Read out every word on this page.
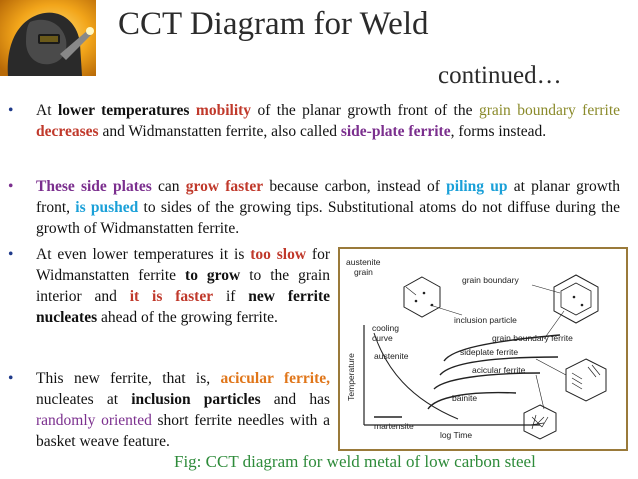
CCT Diagram for Weld
continued…
• At lower temperatures mobility of the planar growth front of the grain boundary ferrite decreases and Widmanstatten ferrite, also called side-plate ferrite, forms instead.
• These side plates can grow faster because carbon, instead of piling up at planar growth front, is pushed to sides of the growing tips. Substitutional atoms do not diffuse during the growth of Widmanstatten ferrite.
• At even lower temperatures it is too slow for Widmanstatten ferrite to grow to the grain interior and it is faster if new ferrite nucleates ahead of the growing ferrite.
• This new ferrite, that is, acicular ferrite, nucleates at inclusion particles and has randomly oriented short ferrite needles with a basket weave feature.
Temperature
log Time
austenite
grain
grain boundary
inclusion particle
cooling
curve
austenite
grain boundary ferrite
sideplate ferrite
acicular ferrite
bainite
martensite
Fig: CCT diagram for weld metal of low carbon steel
